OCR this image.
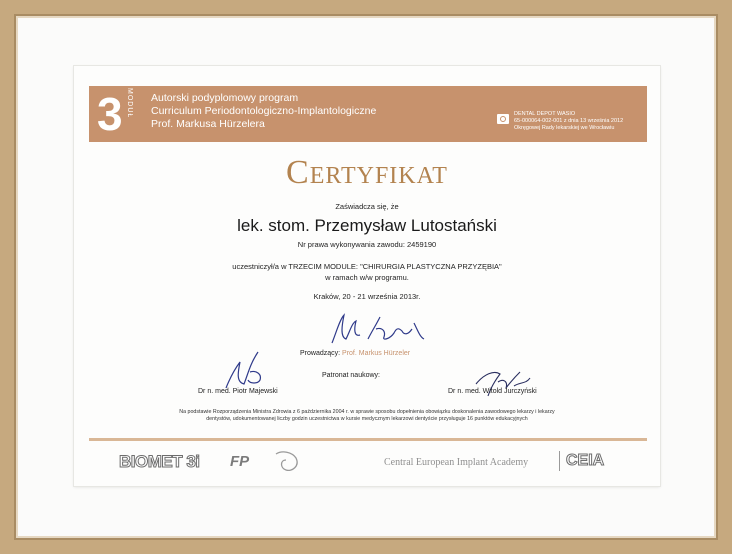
3 MODUŁ Autorski podyplomowy program
Curriculum Periodontologiczno-Implantologiczne
Prof. Markusa Hürzelera
DENTAL DEPOT WASIO
65-000064-002-001 z dnia 13 września 2012
Okręgowej Rady lekarskiej we Wrocławiu
Certyfikat
Zaświadcza się, że
lek. stom. Przemysław Lutostański
Nr prawa wykonywania zawodu: 2459190
uczestniczył/a w TRZECIM MODULE: "CHIRURGIA PLASTYCZNA PRZYZĘBIA"
w ramach w/w programu.
Kraków, 20 - 21 września 2013r.
Prowadzący: Prof. Markus Hürzeler
Patronat naukowy:
Dr n. med. Piotr Majewski	Dr n. med. Witold Jurczyński
Na podstawie Rozporządzenia Ministra Zdrowia z 6 października 2004 r. w sprawie sposobu dopełnienia obowiązku doskonalenia zawodowego lekarzy i lekarzy dentystów, udokumentowanej liczby godzin uczestnictwa w kursie medycznym lekarzowi dentyście przysługuje 16 punktów edukacyjnych
BIOMET 3i FP	Central European Implant Academy CEIA
